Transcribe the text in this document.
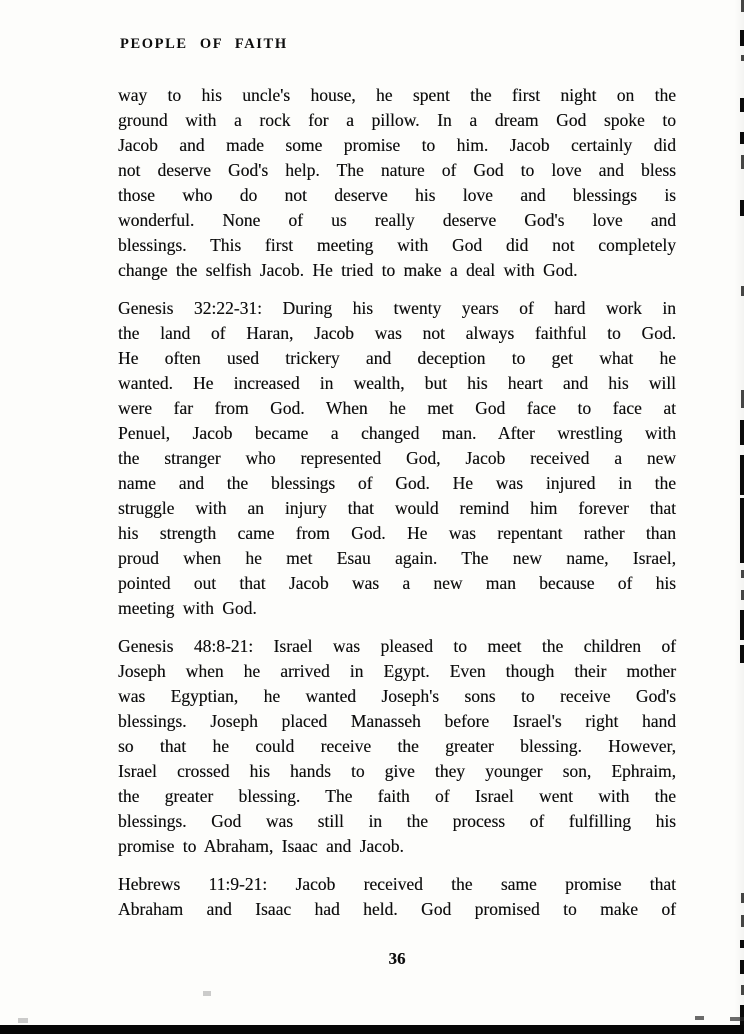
PEOPLE OF FAITH
way to his uncle's house, he spent the first night on the
ground with a rock for a pillow. In a dream God spoke to
Jacob and made some promise to him. Jacob certainly did
not deserve God's help. The nature of God to love and bless
those who do not deserve his love and blessings is
wonderful. None of us really deserve God's love and
blessings. This first meeting with God did not completely
change the selfish Jacob. He tried to make a deal with God.
Genesis 32:22-31: During his twenty years of hard work in
the land of Haran, Jacob was not always faithful to God.
He often used trickery and deception to get what he
wanted. He increased in wealth, but his heart and his will
were far from God. When he met God face to face at
Penuel, Jacob became a changed man. After wrestling with
the stranger who represented God, Jacob received a new
name and the blessings of God. He was injured in the
struggle with an injury that would remind him forever that
his strength came from God. He was repentant rather than
proud when he met Esau again. The new name, Israel,
pointed out that Jacob was a new man because of his
meeting with God.
Genesis 48:8-21: Israel was pleased to meet the children of
Joseph when he arrived in Egypt. Even though their mother
was Egyptian, he wanted Joseph's sons to receive God's
blessings. Joseph placed Manasseh before Israel's right hand
so that he could receive the greater blessing. However,
Israel crossed his hands to give they younger son, Ephraim,
the greater blessing. The faith of Israel went with the
blessings. God was still in the process of fulfilling his
promise to Abraham, Isaac and Jacob.
Hebrews 11:9-21: Jacob received the same promise that
Abraham and Isaac had held. God promised to make of
36
